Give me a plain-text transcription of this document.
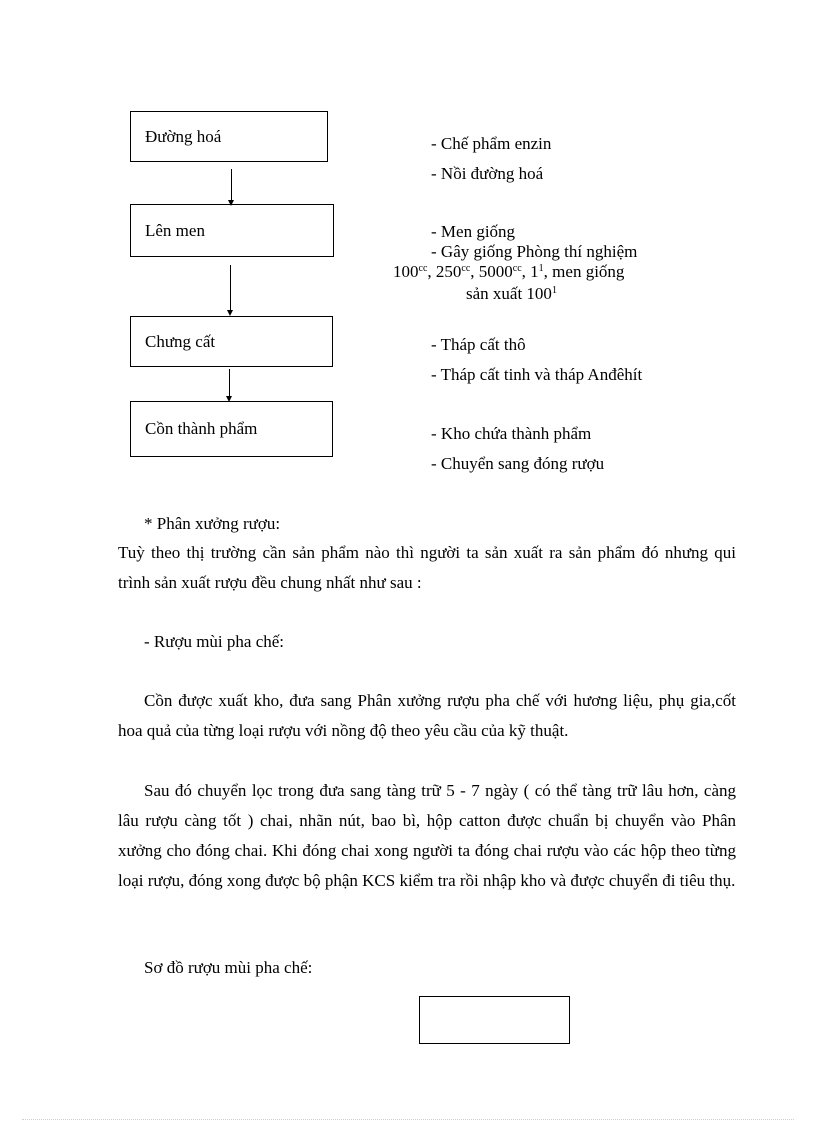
Đường hoá
Lên men
Chưng cất
Cồn thành phẩm
- Chế phẩm enzin
- Nồi đường hoá
- Men giống
- Gây giống Phòng thí nghiệm
$100^{cc}$, $250^{cc}$, $5000^{cc}$, $1^1$, men giống
sản xuất $100^1$
- Tháp cất thô
- Tháp cất tinh và tháp Anđêhít
- Kho chứa thành phẩm
- Chuyển sang đóng rượu
* Phân xưởng rượu:
Tuỳ theo thị trường cần sản phẩm nào thì người ta sản xuất ra sản phẩm đó nhưng qui trình sản xuất rượu đều chung nhất như sau :
- Rượu mùi pha chế:
Cồn được xuất kho, đưa sang Phân xưởng rượu pha chế với hương liệu, phụ gia,cốt hoa quả của từng loại rượu với nồng độ theo yêu cầu của kỹ thuật.
Sau đó chuyển lọc trong đưa sang tàng trữ 5 - 7 ngày ( có thể tàng trữ lâu hơn, càng lâu rượu càng tốt ) chai, nhãn nút, bao bì, hộp catton được chuẩn bị chuyển vào Phân xưởng cho đóng chai. Khi đóng chai xong người ta đóng chai rượu vào các hộp theo từng loại rượu, đóng xong được bộ phận KCS kiểm tra rồi nhập kho và được chuyển đi tiêu thụ.
Sơ đồ rượu mùi pha chế:
